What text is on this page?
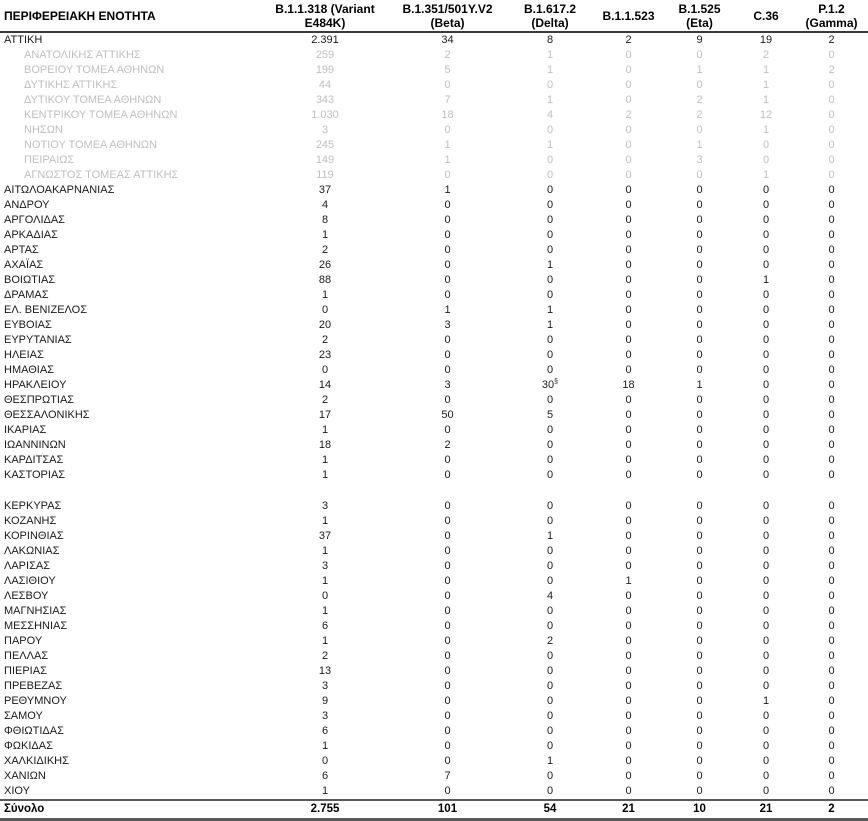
ΠΕΡΙΦΕΡΕΙΑΚΗ ΕΝΟΤΗΤΑ	B.1.1.318 (Variant E484K)	B.1.351/501Y.V2 (Beta)	B.1.617.2 (Delta)	B.1.1.523	B.1.525 (Eta)	C.36	P.1.2 (Gamma)
ΑΤΤΙΚΗ	2.391	34	8	2	9	19	2
ΑΝΑΤΟΛΙΚΗΣ ΑΤΤΙΚΗΣ	259	2	1	0	0	2	0
ΒΟΡΕΙΟΥ ΤΟΜΕΑ ΑΘΗΝΩΝ	199	5	1	0	1	1	2
ΔΥΤΙΚΗΣ ΑΤΤΙΚΗΣ	44	0	0	0	0	1	0
ΔΥΤΙΚΟΥ ΤΟΜΕΑ ΑΘΗΝΩΝ	343	7	1	0	2	1	0
ΚΕΝΤΡΙΚΟΥ ΤΟΜΕΑ ΑΘΗΝΩΝ	1.030	18	4	2	2	12	0
ΝΗΣΩΝ	3	0	0	0	0	1	0
ΝΟΤΙΟΥ ΤΟΜΕΑ ΑΘΗΝΩΝ	245	1	1	0	1	0	0
ΠΕΙΡΑΙΩΣ	149	1	0	0	3	0	0
ΑΓΝΩΣΤΟΣ ΤΟΜΕΑΣ ΑΤΤΙΚΗΣ	119	0	0	0	0	1	0
ΑΙΤΩΛΟΑΚΑΡΝΑΝΙΑΣ	37	1	0	0	0	0	0
ΑΝΔΡΟΥ	4	0	0	0	0	0	0
ΑΡΓΟΛΙΔΑΣ	8	0	0	0	0	0	0
ΑΡΚΑΔΙΑΣ	1	0	0	0	0	0	0
ΑΡΤΑΣ	2	0	0	0	0	0	0
ΑΧΑΪΑΣ	26	0	1	0	0	0	0
ΒΟΙΩΤΙΑΣ	88	0	0	0	0	1	0
ΔΡΑΜΑΣ	1	0	0	0	0	0	0
ΕΛ. ΒΕΝΙΖΕΛΟΣ	0	1	1	0	0	0	0
ΕΥΒΟΙΑΣ	20	3	1	0	0	0	0
ΕΥΡΥΤΑΝΙΑΣ	2	0	0	0	0	0	0
ΗΛΕΙΑΣ	23	0	0	0	0	0	0
ΗΜΑΘΙΑΣ	0	0	0	0	0	0	0
ΗΡΑΚΛΕΙΟΥ	14	3	30§	18	1	0	0
ΘΕΣΠΡΩΤΙΑΣ	2	0	0	0	0	0	0
ΘΕΣΣΑΛΟΝΙΚΗΣ	17	50	5	0	0	0	0
ΙΚΑΡΙΑΣ	1	0	0	0	0	0	0
ΙΩΑΝΝΙΝΩΝ	18	2	0	0	0	0	0
ΚΑΡΔΙΤΣΑΣ	1	0	0	0	0	0	0
ΚΑΣΤΟΡΙΑΣ	1	0	0	0	0	0	0

ΚΕΡΚΥΡΑΣ	3	0	0	0	0	0	0
ΚΟΖΑΝΗΣ	1	0	0	0	0	0	0
ΚΟΡΙΝΘΙΑΣ	37	0	1	0	0	0	0
ΛΑΚΩΝΙΑΣ	1	0	0	0	0	0	0
ΛΑΡΙΣΑΣ	3	0	0	0	0	0	0
ΛΑΣΙΘΙΟΥ	1	0	0	1	0	0	0
ΛΕΣΒΟΥ	0	0	4	0	0	0	0
ΜΑΓΝΗΣΙΑΣ	1	0	0	0	0	0	0
ΜΕΣΣΗΝΙΑΣ	6	0	0	0	0	0	0
ΠΑΡΟΥ	1	0	2	0	0	0	0
ΠΕΛΛΑΣ	2	0	0	0	0	0	0
ΠΙΕΡΙΑΣ	13	0	0	0	0	0	0
ΠΡΕΒΕΖΑΣ	3	0	0	0	0	0	0
ΡΕΘΥΜΝΟΥ	9	0	0	0	0	1	0
ΣΑΜΟΥ	3	0	0	0	0	0	0
ΦΘΙΩΤΙΔΑΣ	6	0	0	0	0	0	0
ΦΩΚΙΔΑΣ	1	0	0	0	0	0	0
ΧΑΛΚΙΔΙΚΗΣ	0	0	1	0	0	0	0
ΧΑΝΙΩΝ	6	7	0	0	0	0	0
ΧΙΟΥ	1	0	0	0	0	0	0
Σύνολο	2.755	101	54	21	10	21	2
